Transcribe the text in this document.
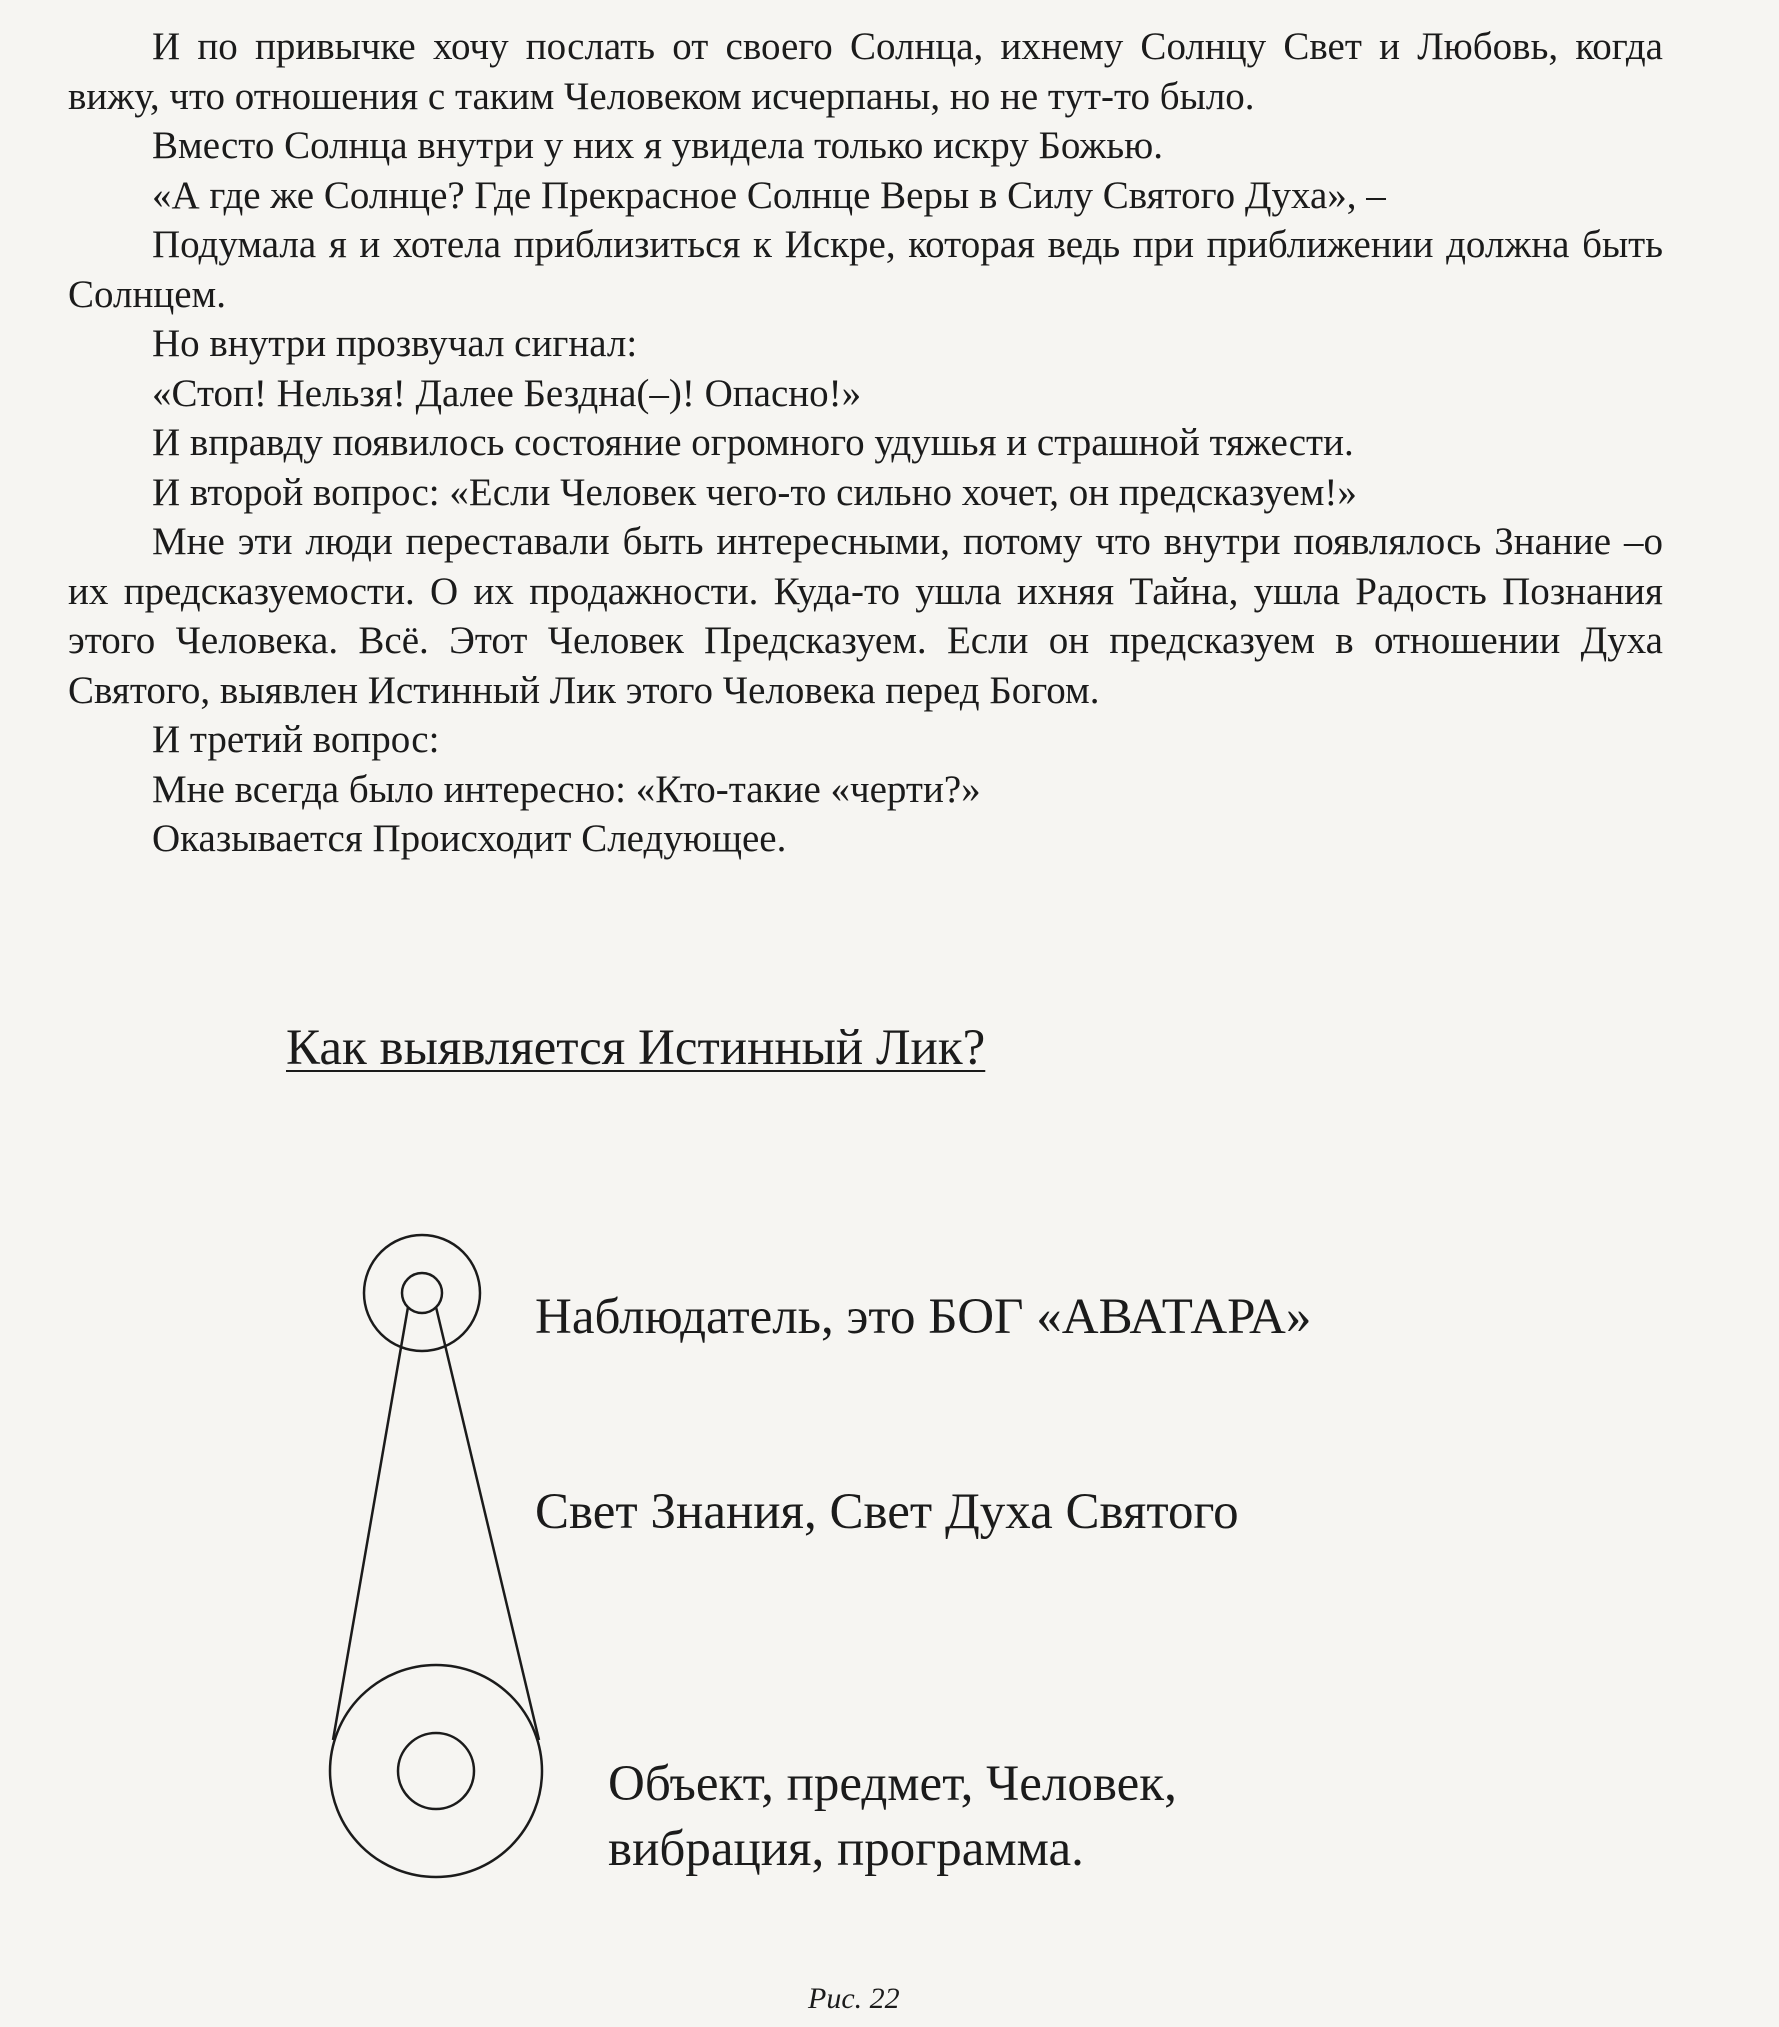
И по привычке хочу послать от своего Солнца, ихнему Солнцу Свет и Любовь, когда вижу, что отношения с таким Человеком исчерпаны, но не тут-то было.

Вместо Солнца внутри у них я увидела только искру Божью.

«А где же Солнце? Где Прекрасное Солнце Веры в Силу Святого Духа», –

Подумала я и хотела приблизиться к Искре, которая ведь при приближении должна быть Солнцем.

Но внутри прозвучал сигнал:

«Стоп! Нельзя! Далее Бездна(–)! Опасно!»

И вправду появилось состояние огромного удушья и страшной тяжести.

И второй вопрос: «Если Человек чего-то сильно хочет, он предсказуем!»

Мне эти люди переставали быть интересными, потому что внутри появлялось Знание –о их предсказуемости. О их продажности. Куда-то ушла ихняя Тайна, ушла Радость Познания этого Человека. Всё. Этот Человек Предсказуем. Если он предсказуем в отношении Духа Святого, выявлен Истинный Лик этого Человека перед Богом.

И третий вопрос:

Мне всегда было интересно: «Кто-такие «черти?»

Оказывается Происходит Следующее.

Как выявляется Истинный Лик?
Наблюдатель, это БОГ «АВАТАРА»
Свет Знания, Свет Духа Святого
Объект, предмет, Человек,
вибрация, программа.
Рис. 22
